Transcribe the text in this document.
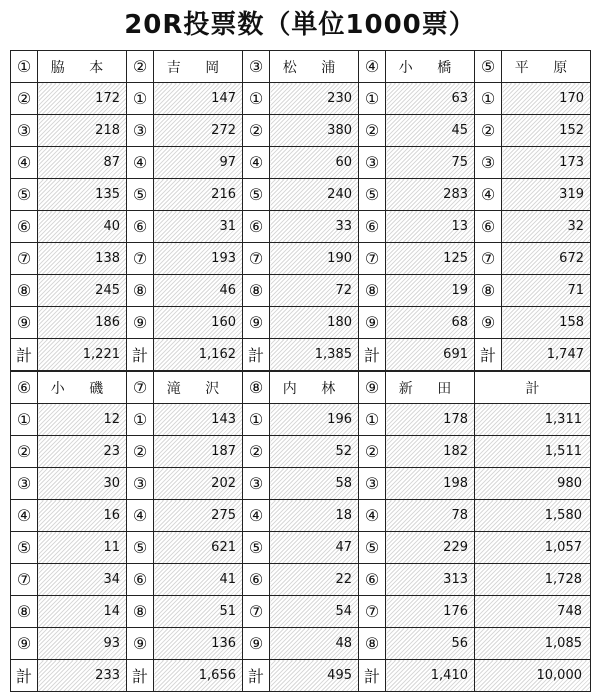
20R投票数（単位1000票）
①	脇 本	②	吉 岡	③	松 浦	④	小 橋	⑤	平 原
②	172	①	147	①	230	①	63	①	170
③	218	③	272	②	380	②	45	②	152
④	87	④	97	④	60	③	75	③	173
⑤	135	⑤	216	⑤	240	⑤	283	④	319
⑥	40	⑥	31	⑥	33	⑥	13	⑥	32
⑦	138	⑦	193	⑦	190	⑦	125	⑦	672
⑧	245	⑧	46	⑧	72	⑧	19	⑧	71
⑨	186	⑨	160	⑨	180	⑨	68	⑨	158
計	1,221	計	1,162	計	1,385	計	691	計	1,747
⑥	小 磯	⑦	滝 沢	⑧	内 林	⑨	新 田	計	
①	12	①	143	①	196	①	178	1,311	
②	23	②	187	②	52	②	182	1,511	
③	30	③	202	③	58	③	198	980	
④	16	④	275	④	18	④	78	1,580	
⑤	11	⑤	621	⑤	47	⑤	229	1,057	
⑦	34	⑥	41	⑥	22	⑥	313	1,728	
⑧	14	⑧	51	⑦	54	⑦	176	748	
⑨	93	⑨	136	⑨	48	⑧	56	1,085	
計	233	計	1,656	計	495	計	1,410	10,000	
